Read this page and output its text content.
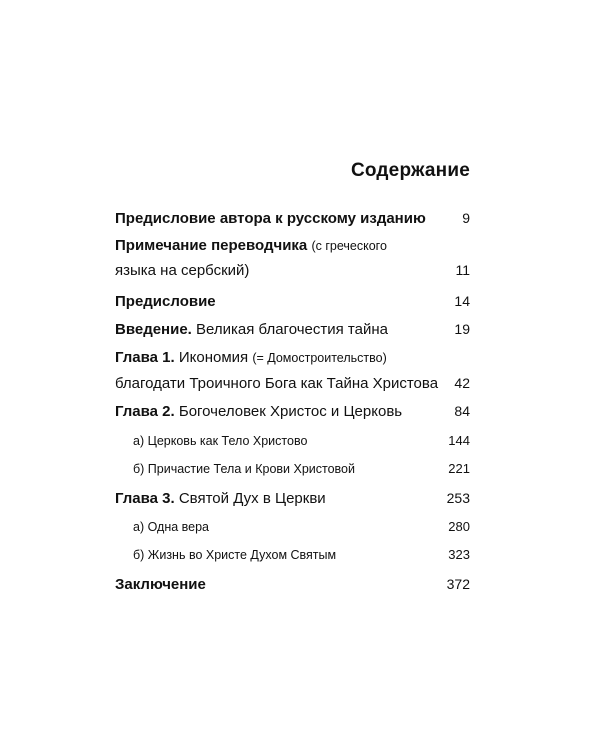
Содержание
Предисловие автора к русскому изданию	9
Примечание переводчика (с греческого
языка на сербский)	11
Предисловие	14
Введение. Великая благочестия тайна	19
Глава 1. Икономия (= Домостроительство)
благодати Троичного Бога как Тайна Христова 42
Глава 2. Богочеловек Христос и Церковь	84
а) Церковь как Тело Христово	144
б) Причастие Тела и Крови Христовой	221
Глава 3. Святой Дух в Церкви	253
а) Одна вера	280
б) Жизнь во Христе Духом Святым	323
Заключение	372
